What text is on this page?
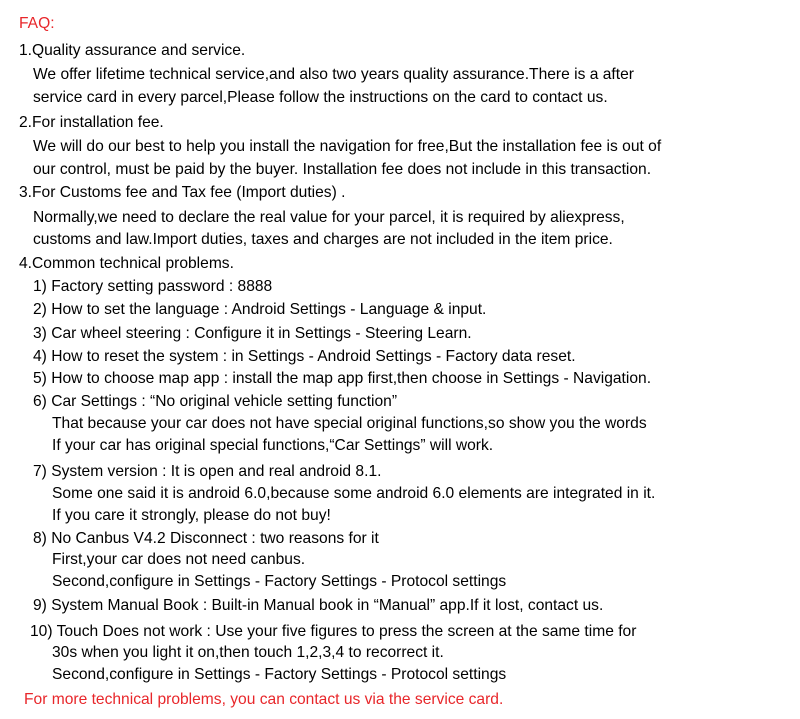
FAQ:
1.Quality assurance and service.
We offer lifetime technical service,and also two years quality assurance.There is a after
service card in every parcel,Please follow the instructions on the card to contact us.
2.For installation fee.
We will do our best to help you install the navigation for free,But the installation fee is out of
our control, must be paid by the buyer. Installation fee does not include in this transaction.
3.For Customs fee and Tax fee (Import duties) .
Normally,we need to declare the real value for your parcel, it is required by aliexpress,
customs and law.Import duties, taxes and charges are not included in the item price.
4.Common technical problems.
1) Factory setting password : 8888
2) How to set the language : Android Settings - Language & input.
3) Car wheel steering : Configure it in Settings - Steering Learn.
4) How to reset the system : in Settings - Android Settings - Factory data reset.
5) How to choose map app : install the map app first,then choose in Settings - Navigation.
6) Car Settings : “No original vehicle setting function”
That because your car does not have special original functions,so show you the words
If your car has original special functions,“Car Settings” will work.
7) System version : It is open and real android 8.1.
Some one said it is android 6.0,because some android 6.0 elements are integrated in it.
If you care it strongly, please do not buy!
8) No Canbus V4.2 Disconnect : two reasons for it
First,your car does not need canbus.
Second,configure in Settings - Factory Settings - Protocol settings
9) System Manual Book : Built-in Manual book in “Manual” app.If it lost, contact us.
10) Touch Does not work : Use your five figures to press the screen at the same time for
30s when you light it on,then touch 1,2,3,4 to recorrect it.
Second,configure in Settings - Factory Settings - Protocol settings
For more technical problems, you can contact us via the service card.
